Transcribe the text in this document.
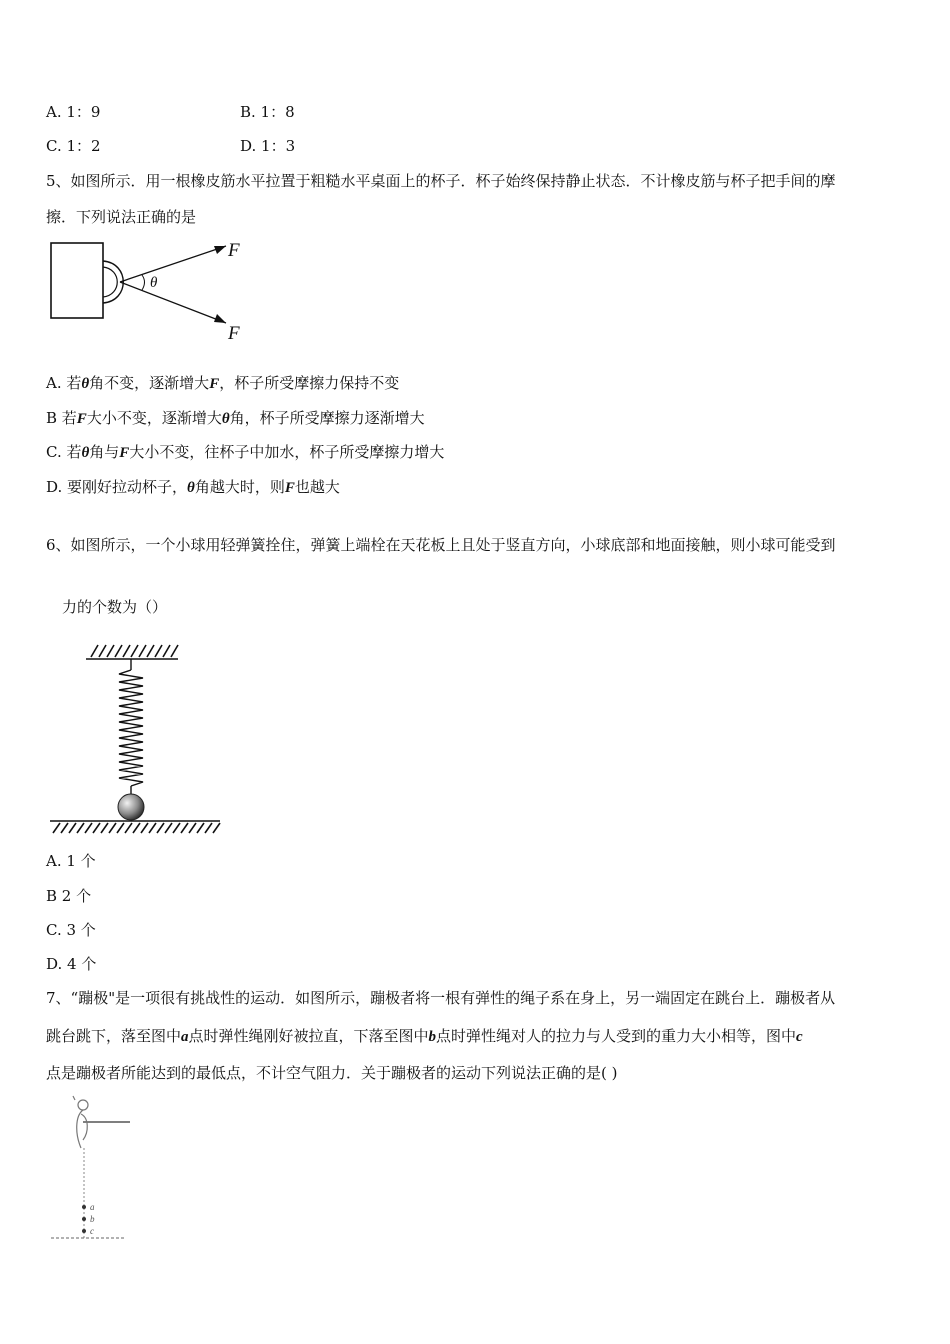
A. 1：9	B. 1：8
C. 1：2	D. 1：3
5、如图所示．用一根橡皮筋水平拉置于粗糙水平桌面上的杯子．杯子始终保持静止状态．不计橡皮筋与杯子把手间的摩
擦．下列说法正确的是
θ
F
F
A. 若θ角不变，逐渐增大F，杯子所受摩擦力保持不变
B 若F大小不变，逐渐增大θ角，杯子所受摩擦力逐渐增大
C. 若θ角与F大小不变，往杯子中加水，杯子所受摩擦力增大
D. 要刚好拉动杯子，θ角越大时，则F也越大
6、如图所示，一个小球用轻弹簧拴住，弹簧上端栓在天花板上且处于竖直方向，小球底部和地面接触，则小球可能受到
力的个数为（）
A. 1 个
B 2 个
C. 3 个
D. 4 个
7、“蹦极"是一项很有挑战性的运动．如图所示，蹦极者将一根有弹性的绳子系在身上，另一端固定在跳台上．蹦极者从
跳台跳下，落至图中a点时弹性绳刚好被拉直，下落至图中b点时弹性绳对人的拉力与人受到的重力大小相等，图中c
点是蹦极者所能达到的最低点，不计空气阻力．关于蹦极者的运动下列说法正确的是( )
a
b
c
